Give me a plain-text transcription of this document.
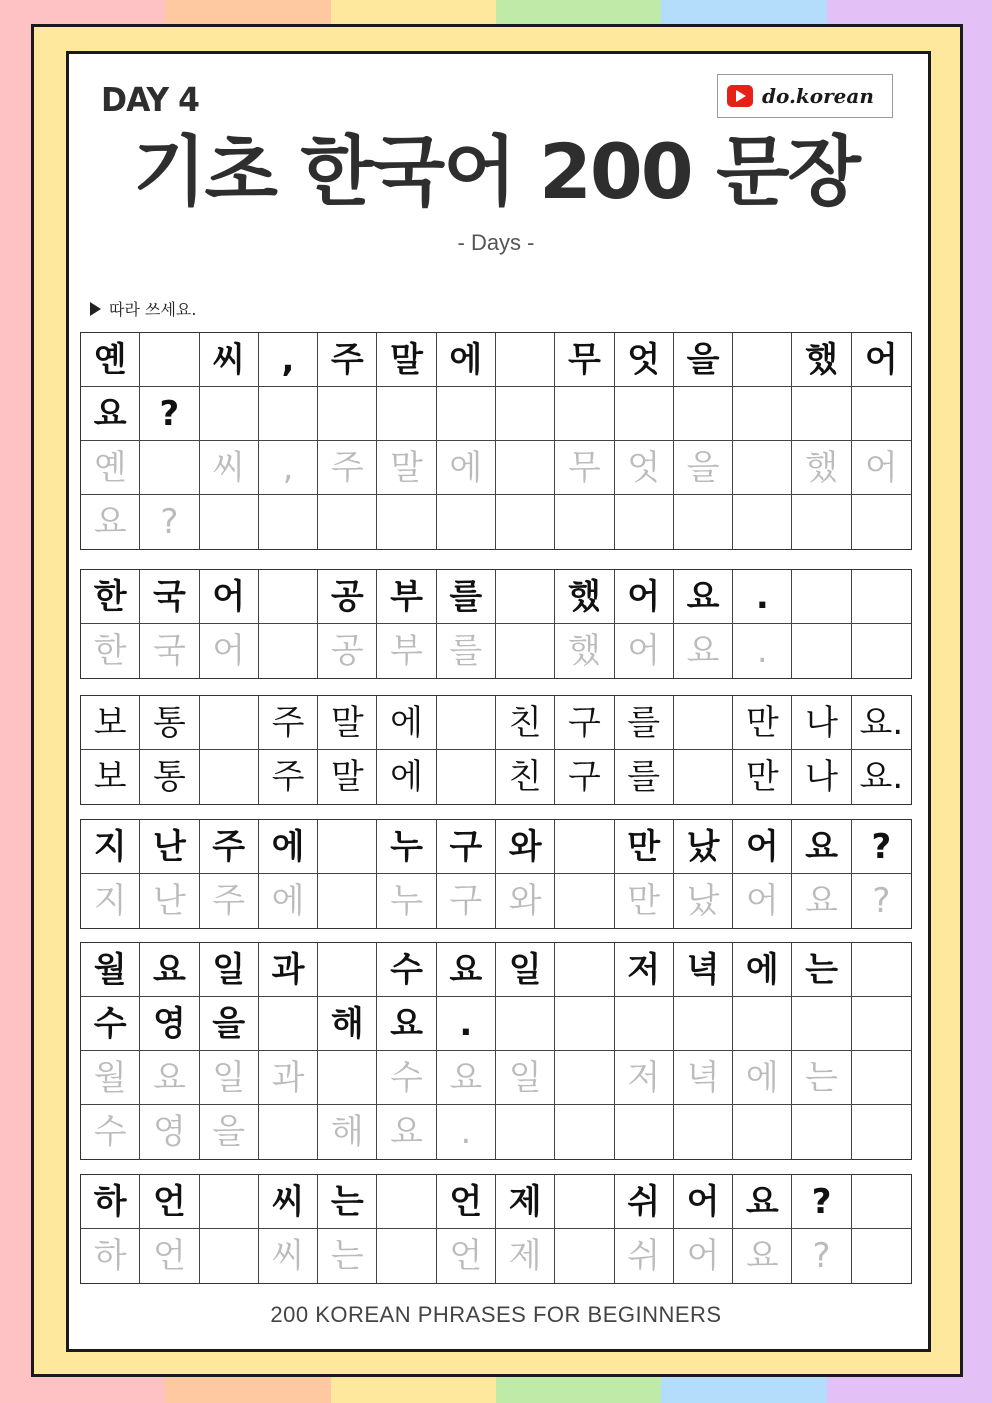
DAY 4	do.korean
기초 한국어 200 문장
- Days -
따라 쓰세요.
옌	씨	,	주 말 에	무 엇 을	했 어
요 ?
옌	씨	,	주 말 에	무 엇 을	했 어
요 ?
한 국 어	공 부 를	했 어 요	.
한 국 어	공 부 를	했 어 요	.
보 통	주 말 에	친 구 를	만 나 요.
보 통	주 말 에	친 구 를	만 나 요.
지 난 주 에	누 구 와	만 났 어 요 ?
지 난 주 에	누 구 와	만 났 어 요	?
월 요 일 과	수 요 일	저 녁 에 는
수 영 을	해 요	.
월 요 일 과	수 요 일	저 녁 에 는
수 영 을	해 요	.
하 언	씨 는	언 제	쉬 어 요 ?
하 언	씨 는	언 제	쉬 어 요 ?
200 KOREAN PHRASES FOR BEGINNERS
